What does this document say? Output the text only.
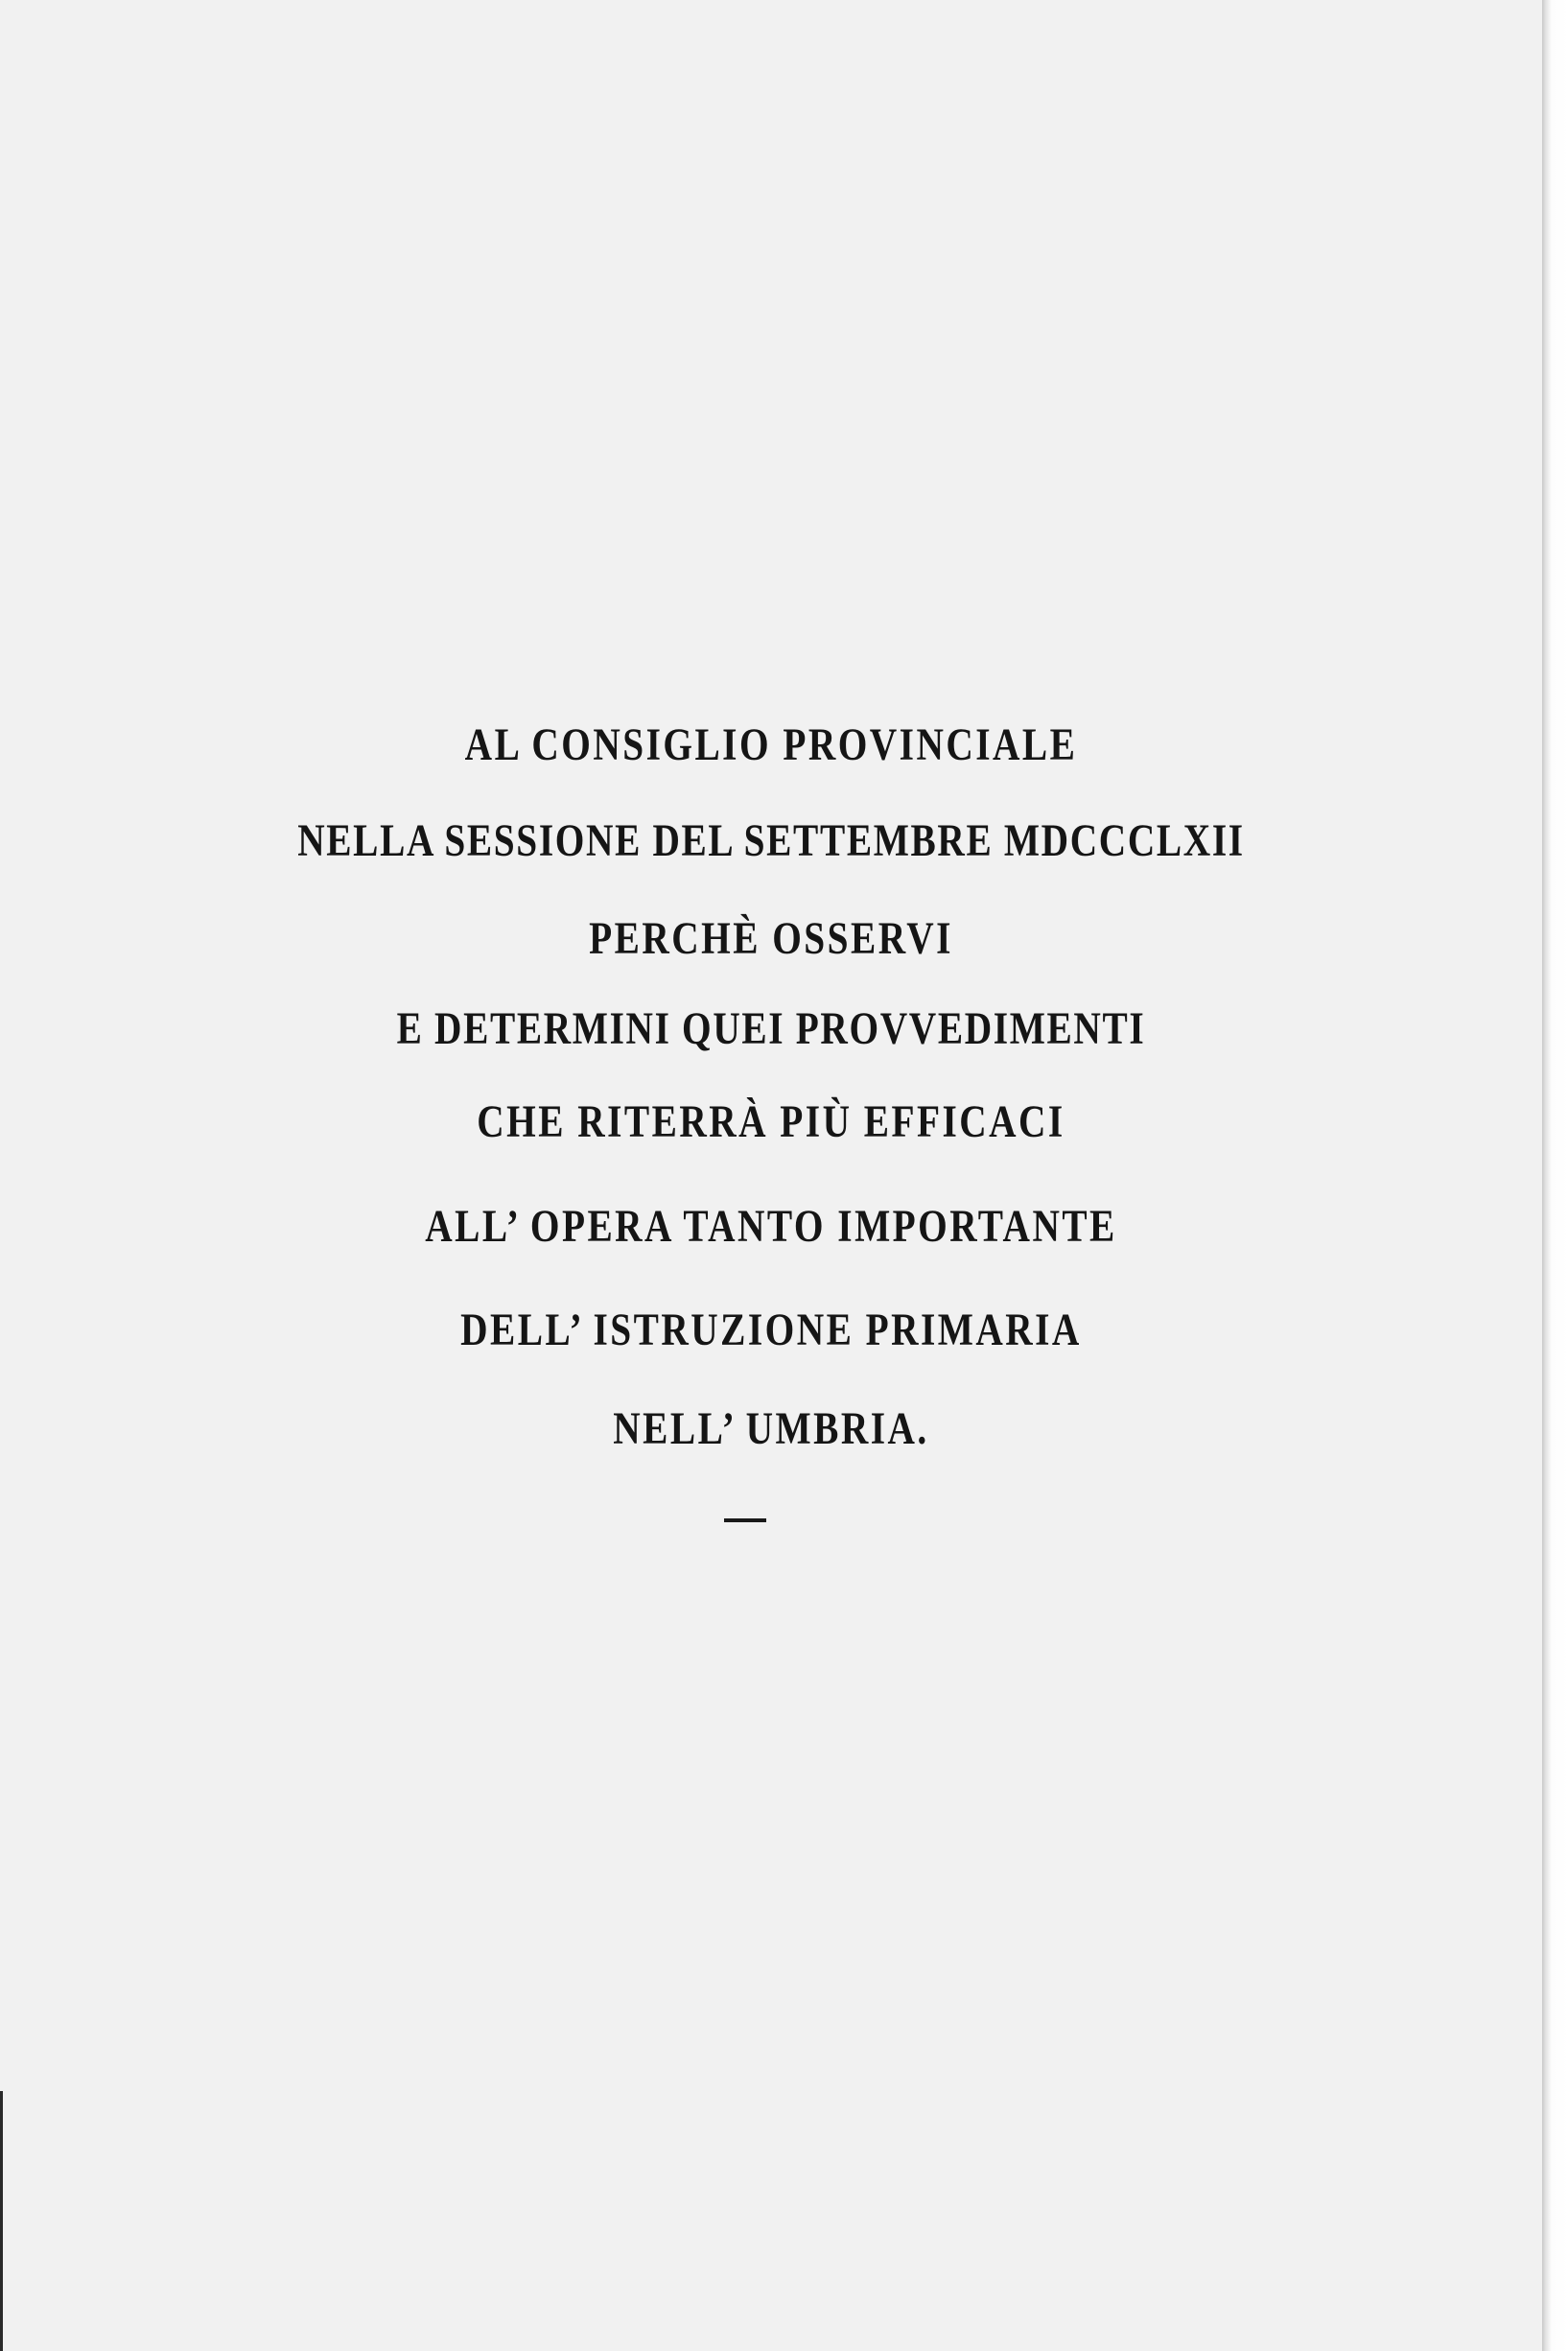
AL CONSIGLIO PROVINCIALE
NELLA SESSIONE DEL SETTEMBRE MDCCCLXII
PERCHÈ OSSERVI
E DETERMINI QUEI PROVVEDIMENTI
CHE RITERRÀ PIÙ EFFICACI
ALL’ OPERA TANTO IMPORTANTE
DELL’ ISTRUZIONE PRIMARIA
NELL’ UMBRIA.
